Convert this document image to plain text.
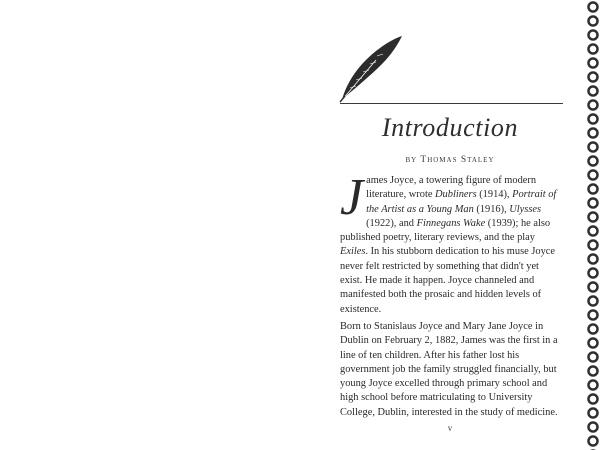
Introduction
by Thomas Staley
James Joyce, a towering figure of modern literature, wrote Dubliners (1914), Portrait of the Artist as a Young Man (1916), Ulysses (1922), and Finnegans Wake (1939); he also published poetry, literary reviews, and the play Exiles. In his stubborn dedication to his muse Joyce never felt restricted by something that didn't yet exist. He made it happen. Joyce channeled and manifested both the prosaic and hidden levels of existence.
Born to Stanislaus Joyce and Mary Jane Joyce in Dublin on February 2, 1882, James was the first in a line of ten children. After his father lost his government job the family struggled financially, but young Joyce excelled through primary school and high school before matriculating to University College, Dublin, interested in the study of medicine.
v
